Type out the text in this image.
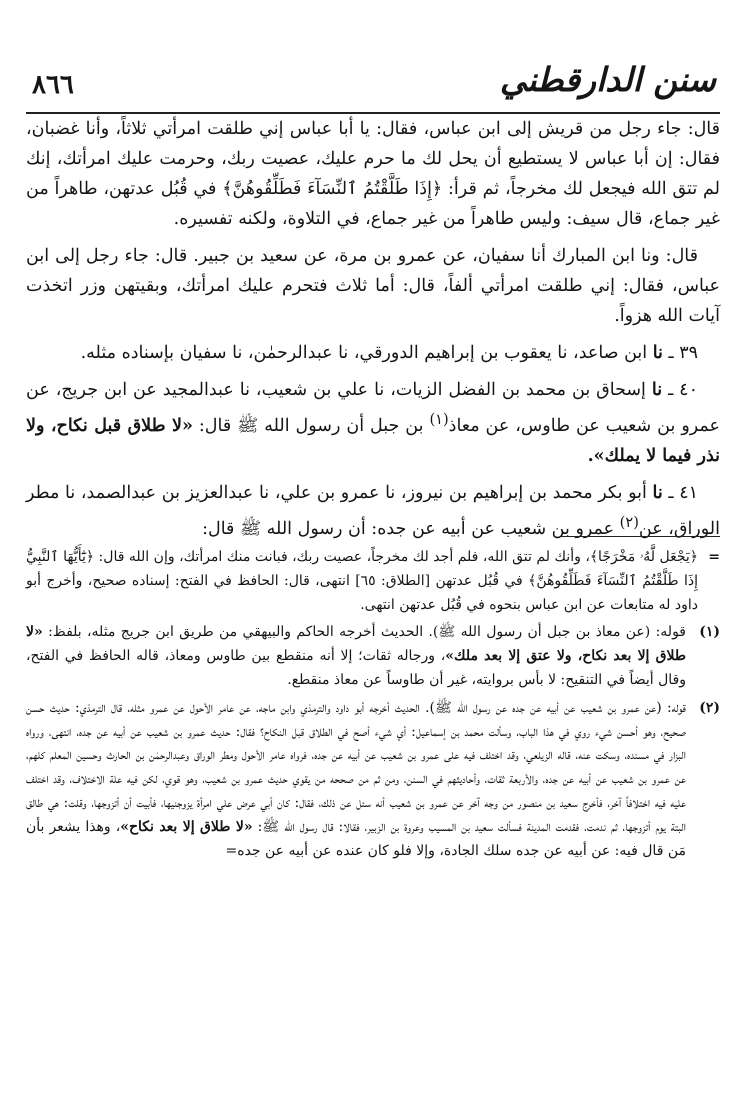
٨٦٦	سنن الدارقطني

قال: جاء رجل من قريش إلى ابن عباس، فقال: يا أبا عباس إني طلقت امرأتي ثلاثاً، وأنا غضبان، فقال: إن أبا عباس لا يستطيع أن يحل لك ما حرم عليك، عصيت ربك، وحرمت عليك امرأتك، إنك لم تتق الله فيجعل لك مخرجاً، ثم قرأ: ﴿إِذَا طَلَّقْتُمُ ٱلنِّسَآءَ فَطَلِّقُوهُنَّ﴾ في قُبُل عدتهن، طاهراً من غير جماع، قال سيف: وليس طاهراً من غير جماع، في التلاوة، ولكنه تفسيره.

قال: ونا ابن المبارك أنا سفيان، عن عمرو بن مرة، عن سعيد بن جبير. قال: جاء رجل إلى ابن عباس، فقال: إني طلقت امرأتي ألفاً، قال: أما ثلاث فتحرم عليك امرأتك، وبقيتهن وزر اتخذت آيات الله هزواً.

٣٩ ـ نا ابن صاعد، نا يعقوب بن إبراهيم الدورقي، نا عبدالرحمٰن، نا سفيان بإسناده مثله.

٤٠ ـ نا إسحاق بن محمد بن الفضل الزيات، نا علي بن شعيب، نا عبدالمجيد عن ابن جريج، عن عمرو بن شعيب عن طاوس، عن معاذ$^{(١)}$ بن جبل أن رسول الله ﷺ قال: «لا طلاق قبل نكاح، ولا نذر فيما لا يملك».

٤١ ـ نا أبو بكر محمد بن إبراهيم بن نيروز، نا عمرو بن علي، نا عبدالعزيز بن عبدالصمد، نا مطر الوراق، عن$^{(٢)}$ عمرو بن شعيب عن أبيه عن جده: أن رسول الله ﷺ قال:

=
﴿يَجْعَل لَّهُۥ مَخْرَجًا﴾، وأنك لم تتق الله، فلم أجد لك مخرجاً، عصيت ربك، فبانت منك امرأتك، وإن الله قال: ﴿يَٰٓأَيُّهَا ٱلنَّبِيُّ إِذَا طَلَّقْتُمُ ٱلنِّسَآءَ فَطَلِّقُوهُنَّ﴾ في قُبُل عدتهن [الطلاق: ٦٥] انتهى، قال: الحافظ في الفتح: إسناده صحيح، وأخرج أبو داود له متابعات عن ابن عباس بنحوه في قُبُل عدتهن انتهى.
(١)
قوله: (عن معاذ بن جبل أن رسول الله ﷺ). الحديث أخرجه الحاكم والبيهقي من طريق ابن جريج مثله، بلفظ: «لا طلاق إلا بعد نكاح، ولا عتق إلا بعد ملك»، ورجاله ثقات؛ إلا أنه منقطع بين طاوس ومعاذ، قاله الحافظ في الفتح، وقال أيضاً في التنقيح: لا بأس بروايته، غير أن طاوساً عن معاذ منقطع.
(٢)
قوله: (عن عمرو بن شعيب عن أبيه عن جده عن رسول الله ﷺ). الحديث أخرجه أبو داود والترمذي وابن ماجه، عن عامر الأحول عن عمرو مثله، قال الترمذي: حديث حسن صحيح، وهو أحسن شيء روي في هذا الباب، وسألت محمد بن إسماعيل: أي شيء أصح في الطلاق قبل النكاح؟ فقال: حديث عمرو بن شعيب عن أبيه عن جده، انتهى، ورواه البزار في مسنده، وسكت عنه، قاله الزيلعي، وقد اختلف فيه على عمرو بن شعيب عن أبيه عن جده، فرواه عامر الأحول ومطر الوراق وعبدالرحمٰن بن الحارث وحسين المعلم كلهم، عن عمرو بن شعيب عن أبيه عن جده، والأربعة ثقات، وأحاديثهم في السنن، ومن ثم من صححه من يقوي حديث عمرو بن شعيب، وهو قوي، لكن فيه علة الاختلاف، وقد اختلف عليه فيه اختلافاً آخر، فأخرج سعيد بن منصور من وجه آخر عن عمرو بن شعيب أنه سئل عن ذلك، فقال: كان أبي عرض علي امرأة يزوجنيها، فأبيت أن أتزوجها، وقلت: هي طالق البتة يوم أتزوجها، ثم ندمت، فقدمت المدينة فسألت سعيد بن المسيب وعروة بن الزبير، فقالا: قال رسول الله ﷺ: «لا طلاق إلا بعد نكاح»، وهذا يشعر بأن مَن قال فيه: عن أبيه عن جده سلك الجادة، وإلا فلو كان عنده عن أبيه عن جده=
